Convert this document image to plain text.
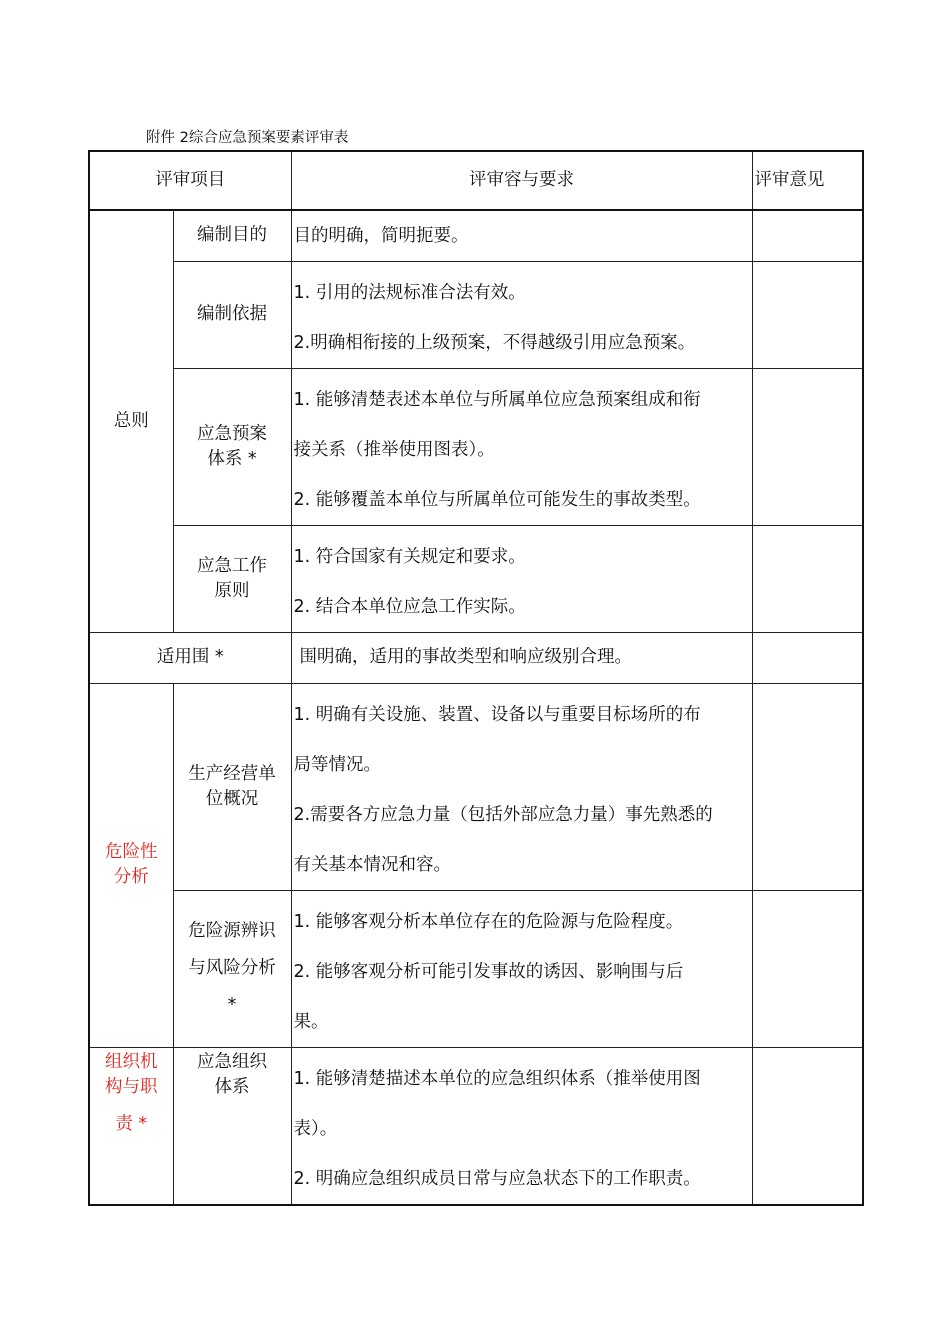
附件 2综合应急预案要素评审表
评审项目		评审容与要求	评审意见
总则	编制目的	目的明确，简明扼要。	

	编制依据	1. 引用的法规标准合法有效。
2.明确相衔接的上级预案，不得越级引用应急预案。	

	应急预案
体系 *	1. 能够清楚表述本单位与所属单位应急预案组成和衔
接关系（推举使用图表）。
2. 能够覆盖本单位与所属单位可能发生的事故类型。	

	应急工作
原则	1. 符合国家有关规定和要求。
2. 结合本单位应急工作实际。	

适用围 *		围明确，适用的事故类型和响应级别合理。	
危险性
分析	生产经营单
位概况	1. 明确有关设施、装置、设备以与重要目标场所的布
局等情况。
2.需要各方应急力量（包括外部应急力量）事先熟悉的
有关基本情况和容。	

	危险源辨识
与风险分析
*	1. 能够客观分析本单位存在的危险源与危险程度。
2. 能够客观分析可能引发事故的诱因、影响围与后
果。	

组织机
构与职
责 *	应急组织
体系	1. 能够清楚描述本单位的应急组织体系（推举使用图
表）。
2. 明确应急组织成员日常与应急状态下的工作职责。	
